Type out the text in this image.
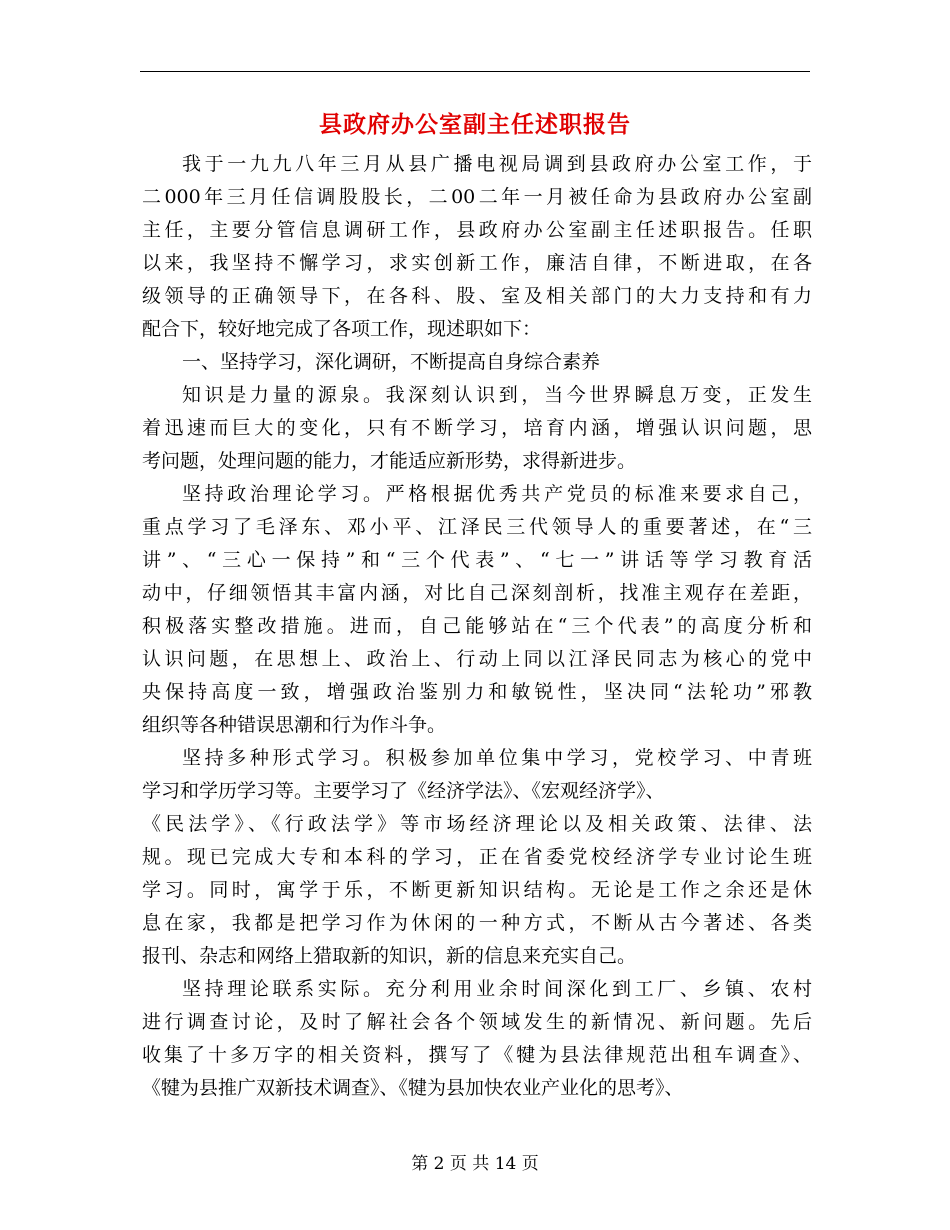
县政府办公室副主任述职报告

我于一九九八年三月从县广播电视局调到县政府办公室工作，于

二000年三月任信调股股长，二00二年一月被任命为县政府办公室副

主任，主要分管信息调研工作，县政府办公室副主任述职报告。任职

以来，我坚持不懈学习，求实创新工作，廉洁自律，不断进取，在各

级领导的正确领导下，在各科、股、室及相关部门的大力支持和有力

配合下，较好地完成了各项工作，现述职如下：

一、坚持学习，深化调研，不断提高自身综合素养

知识是力量的源泉。我深刻认识到，当今世界瞬息万变，正发生

着迅速而巨大的变化，只有不断学习，培育内涵，增强认识问题，思

考问题，处理问题的能力，才能适应新形势，求得新进步。

坚持政治理论学习。严格根据优秀共产党员的标准来要求自己，

重点学习了毛泽东、邓小平、江泽民三代领导人的重要著述，在“三

讲”、“三心一保持”和“三个代表”、“七一”讲话等学习教育活

动中，仔细领悟其丰富内涵，对比自己深刻剖析，找准主观存在差距，

积极落实整改措施。进而，自己能够站在“三个代表”的高度分析和

认识问题，在思想上、政治上、行动上同以江泽民同志为核心的党中

央保持高度一致，增强政治鉴别力和敏锐性，坚决同“法轮功”邪教

组织等各种错误思潮和行为作斗争。

坚持多种形式学习。积极参加单位集中学习，党校学习、中青班

学习和学历学习等。主要学习了《经济学法》、《宏观经济学》、

《民法学》、《行政法学》等市场经济理论以及相关政策、法律、法

规。现已完成大专和本科的学习，正在省委党校经济学专业讨论生班

学习。同时，寓学于乐，不断更新知识结构。无论是工作之余还是休

息在家，我都是把学习作为休闲的一种方式，不断从古今著述、各类

报刊、杂志和网络上猎取新的知识，新的信息来充实自己。

坚持理论联系实际。充分利用业余时间深化到工厂、乡镇、农村

进行调查讨论，及时了解社会各个领域发生的新情况、新问题。先后

收集了十多万字的相关资料，撰写了《犍为县法律规范出租车调查》、

《犍为县推广双新技术调查》、《犍为县加快农业产业化的思考》、

第 2 页 共 14 页
